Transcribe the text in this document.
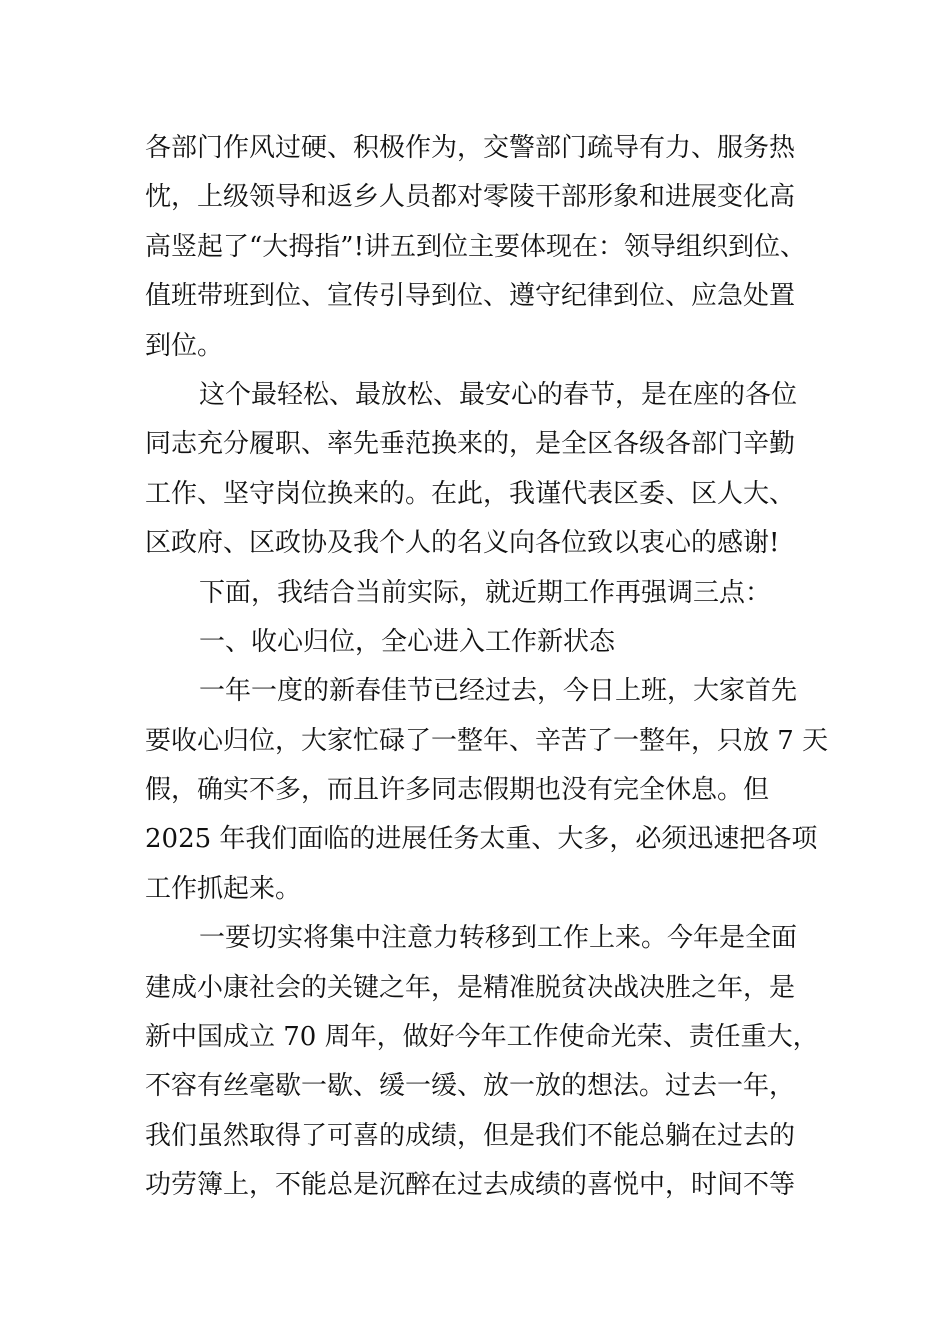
各部门作风过硬、积极作为，交警部门疏导有力、服务热
忱，上级领导和返乡人员都对零陵干部形象和进展变化高
高竖起了“大拇指”!讲五到位主要体现在：领导组织到位、
值班带班到位、宣传引导到位、遵守纪律到位、应急处置
到位。
这个最轻松、最放松、最安心的春节，是在座的各位
同志充分履职、率先垂范换来的，是全区各级各部门辛勤
工作、坚守岗位换来的。在此，我谨代表区委、区人大、
区政府、区政协及我个人的名义向各位致以衷心的感谢!
下面，我结合当前实际，就近期工作再强调三点：
一、收心归位，全心进入工作新状态
一年一度的新春佳节已经过去，今日上班，大家首先
要收心归位，大家忙碌了一整年、辛苦了一整年，只放 7 天
假，确实不多，而且许多同志假期也没有完全休息。但
2025 年我们面临的进展任务太重、大多，必须迅速把各项
工作抓起来。
一要切实将集中注意力转移到工作上来。今年是全面
建成小康社会的关键之年，是精准脱贫决战决胜之年，是
新中国成立 70 周年，做好今年工作使命光荣、责任重大，
不容有丝毫歇一歇、缓一缓、放一放的想法。过去一年，
我们虽然取得了可喜的成绩，但是我们不能总躺在过去的
功劳簿上，不能总是沉醉在过去成绩的喜悦中，时间不等
